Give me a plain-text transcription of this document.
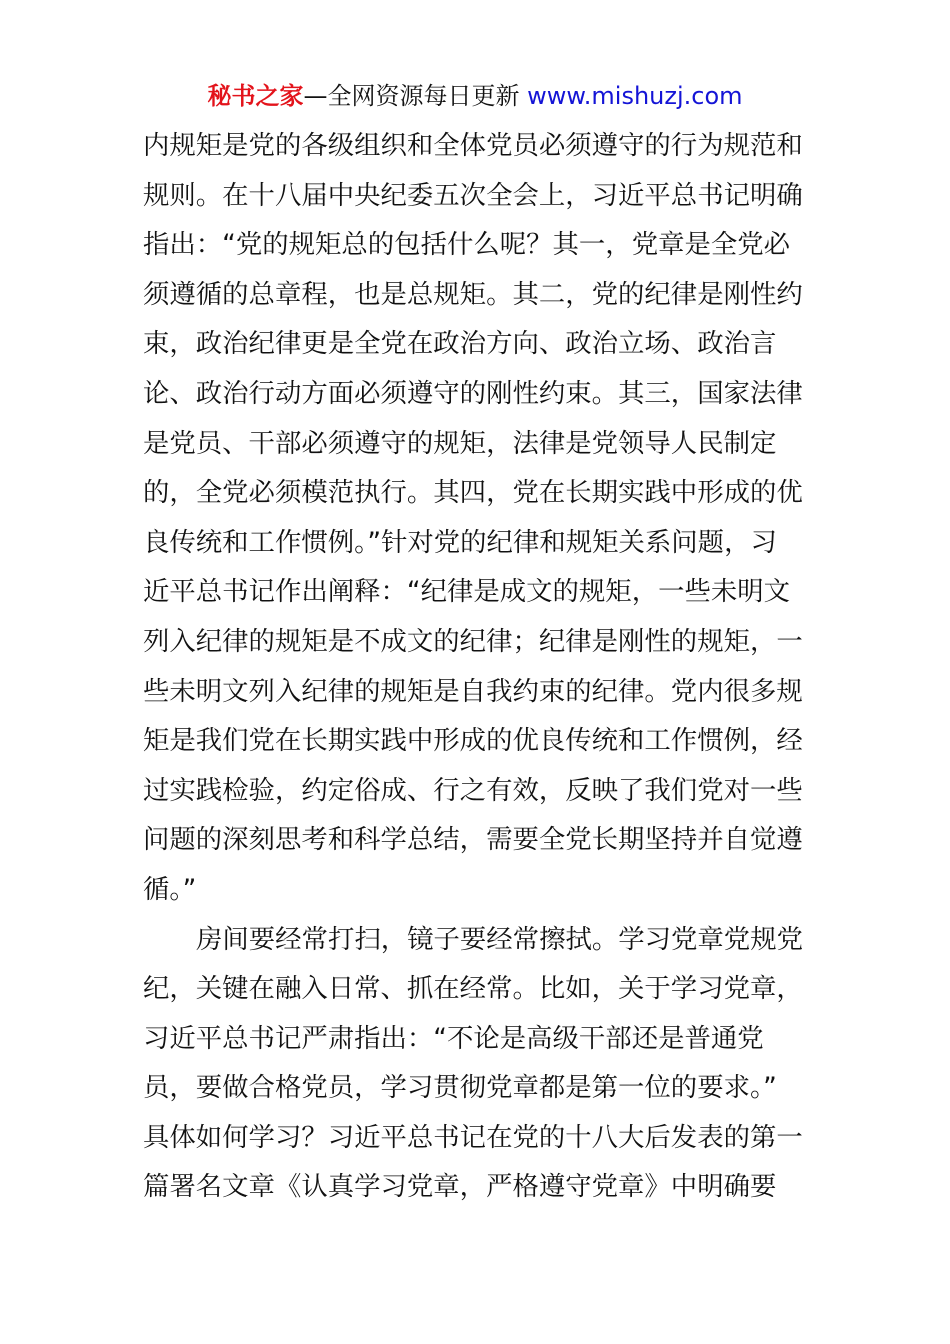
秘书之家—全网资源每日更新 www.mishuzj.com
内规矩是党的各级组织和全体党员必须遵守的行为规范和
规则。在十八届中央纪委五次全会上，习近平总书记明确
指出：“党的规矩总的包括什么呢？其一，党章是全党必
须遵循的总章程，也是总规矩。其二，党的纪律是刚性约
束，政治纪律更是全党在政治方向、政治立场、政治言
论、政治行动方面必须遵守的刚性约束。其三，国家法律
是党员、干部必须遵守的规矩，法律是党领导人民制定
的，全党必须模范执行。其四，党在长期实践中形成的优
良传统和工作惯例。”针对党的纪律和规矩关系问题，习
近平总书记作出阐释：“纪律是成文的规矩，一些未明文
列入纪律的规矩是不成文的纪律；纪律是刚性的规矩，一
些未明文列入纪律的规矩是自我约束的纪律。党内很多规
矩是我们党在长期实践中形成的优良传统和工作惯例，经
过实践检验，约定俗成、行之有效，反映了我们党对一些
问题的深刻思考和科学总结，需要全党长期坚持并自觉遵
循。”
房间要经常打扫，镜子要经常擦拭。学习党章党规党
纪，关键在融入日常、抓在经常。比如，关于学习党章，
习近平总书记严肃指出：“不论是高级干部还是普通党
员，要做合格党员，学习贯彻党章都是第一位的要求。”
具体如何学习？习近平总书记在党的十八大后发表的第一
篇署名文章《认真学习党章，严格遵守党章》中明确要
